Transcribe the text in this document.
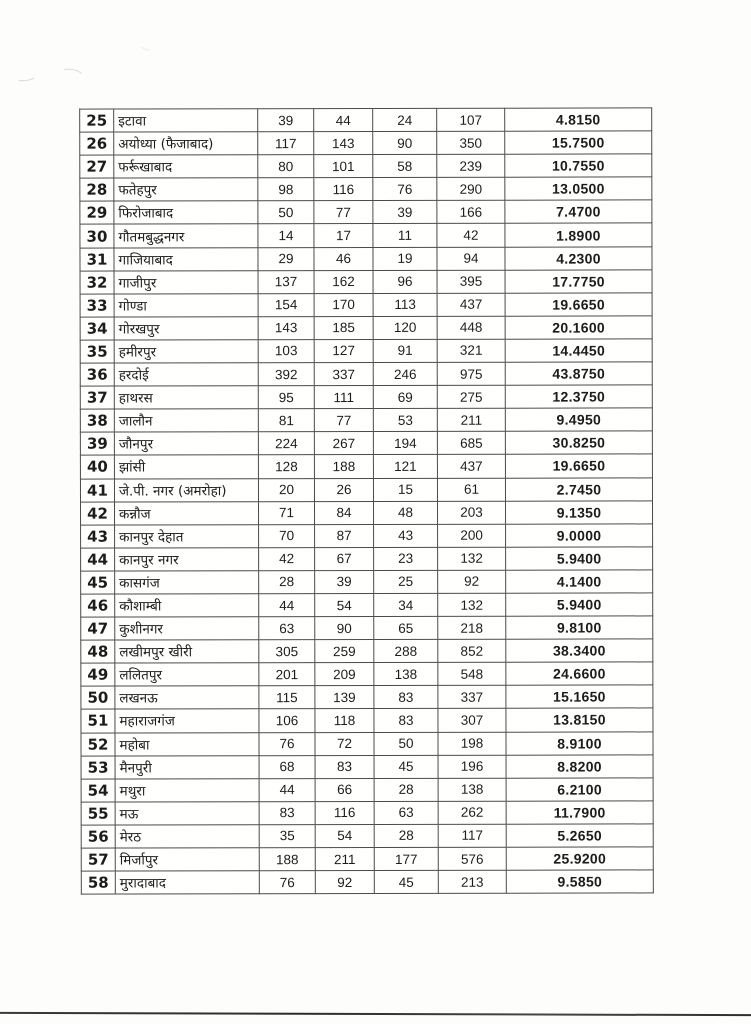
25	इटावा	39	44	24	107	4.8150
26	अयोध्या (फैजाबाद)	117	143	90	350	15.7500
27	फर्रूखाबाद	80	101	58	239	10.7550
28	फतेहपुर	98	116	76	290	13.0500
29	फिरोजाबाद	50	77	39	166	7.4700
30	गौतमबुद्धनगर	14	17	11	42	1.8900
31	गाजियाबाद	29	46	19	94	4.2300
32	गाजीपुर	137	162	96	395	17.7750
33	गोण्डा	154	170	113	437	19.6650
34	गोरखपुर	143	185	120	448	20.1600
35	हमीरपुर	103	127	91	321	14.4450
36	हरदोई	392	337	246	975	43.8750
37	हाथरस	95	111	69	275	12.3750
38	जालौन	81	77	53	211	9.4950
39	जौनपुर	224	267	194	685	30.8250
40	झांसी	128	188	121	437	19.6650
41	जे.पी. नगर (अमरोहा)	20	26	15	61	2.7450
42	कन्नौज	71	84	48	203	9.1350
43	कानपुर देहात	70	87	43	200	9.0000
44	कानपुर नगर	42	67	23	132	5.9400
45	कासगंज	28	39	25	92	4.1400
46	कौशाम्बी	44	54	34	132	5.9400
47	कुशीनगर	63	90	65	218	9.8100
48	लखीमपुर खीरी	305	259	288	852	38.3400
49	ललितपुर	201	209	138	548	24.6600
50	लखनऊ	115	139	83	337	15.1650
51	महाराजगंज	106	118	83	307	13.8150
52	महोबा	76	72	50	198	8.9100
53	मैनपुरी	68	83	45	196	8.8200
54	मथुरा	44	66	28	138	6.2100
55	मऊ	83	116	63	262	11.7900
56	मेरठ	35	54	28	117	5.2650
57	मिर्जापुर	188	211	177	576	25.9200
58	मुरादाबाद	76	92	45	213	9.5850
